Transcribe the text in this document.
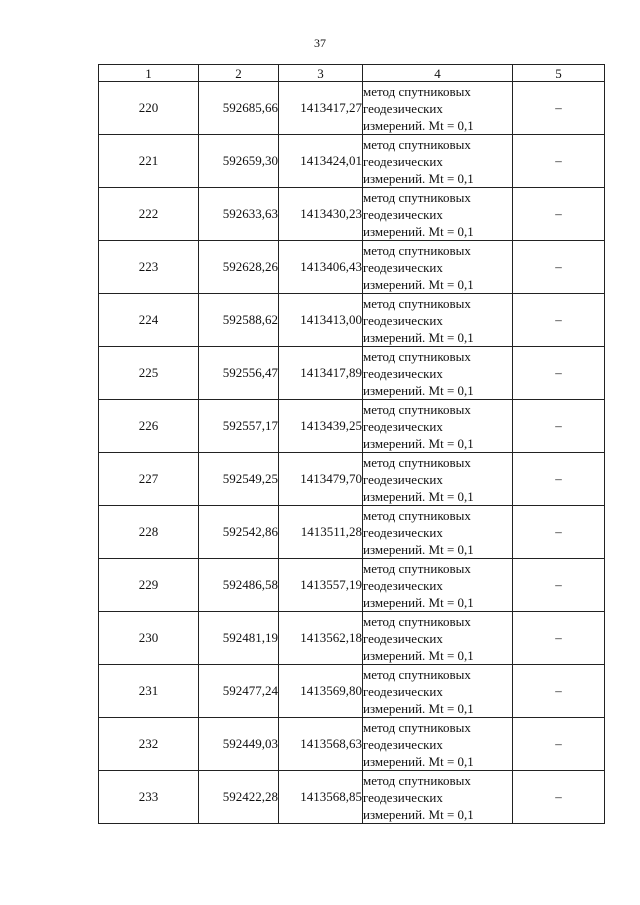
37
1	2	3	4	5
220	592685,66	1413417,27	метод спутниковых
геодезических
измерений. Mt = 0,1	–
221	592659,30	1413424,01	метод спутниковых
геодезических
измерений. Mt = 0,1	–
222	592633,63	1413430,23	метод спутниковых
геодезических
измерений. Mt = 0,1	–
223	592628,26	1413406,43	метод спутниковых
геодезических
измерений. Mt = 0,1	–
224	592588,62	1413413,00	метод спутниковых
геодезических
измерений. Mt = 0,1	–
225	592556,47	1413417,89	метод спутниковых
геодезических
измерений. Mt = 0,1	–
226	592557,17	1413439,25	метод спутниковых
геодезических
измерений. Mt = 0,1	–
227	592549,25	1413479,70	метод спутниковых
геодезических
измерений. Mt = 0,1	–
228	592542,86	1413511,28	метод спутниковых
геодезических
измерений. Mt = 0,1	–
229	592486,58	1413557,19	метод спутниковых
геодезических
измерений. Mt = 0,1	–
230	592481,19	1413562,18	метод спутниковых
геодезических
измерений. Mt = 0,1	–
231	592477,24	1413569,80	метод спутниковых
геодезических
измерений. Mt = 0,1	–
232	592449,03	1413568,63	метод спутниковых
геодезических
измерений. Mt = 0,1	–
233	592422,28	1413568,85	метод спутниковых
геодезических
измерений. Mt = 0,1	–
